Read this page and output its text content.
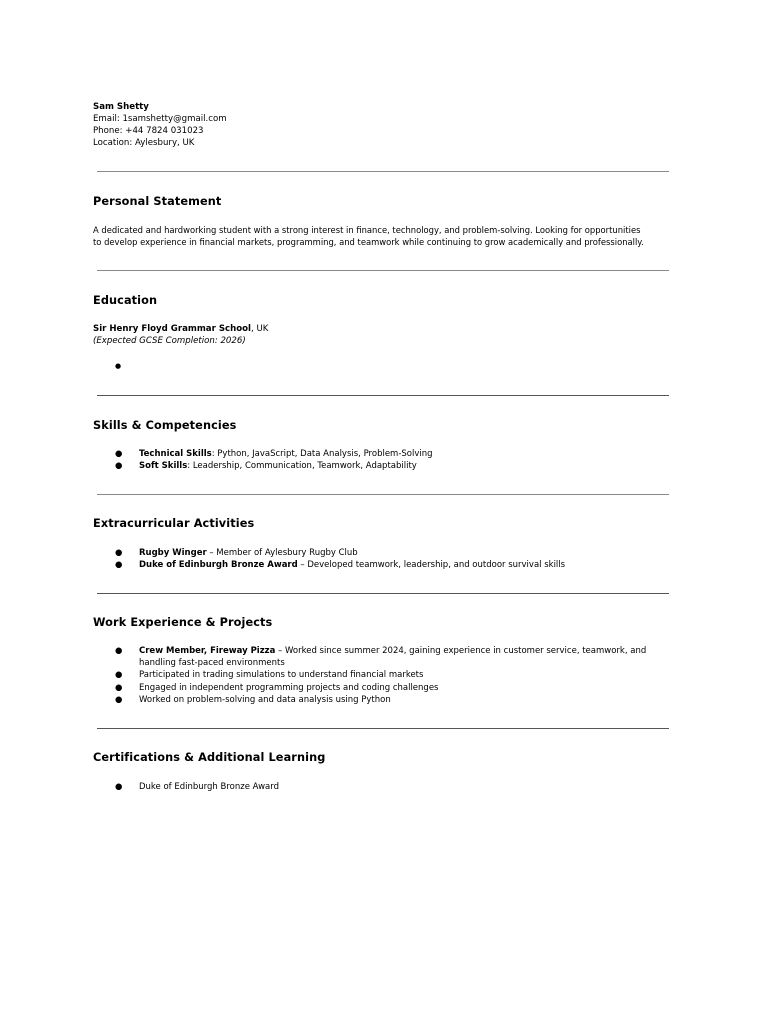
Sam Shetty
Email: 1samshetty@gmail.com
Phone: +44 7824 031023
Location: Aylesbury, UK
Personal Statement
A dedicated and hardworking student with a strong interest in finance, technology, and problem-solving. Looking for opportunities
to develop experience in financial markets, programming, and teamwork while continuing to grow academically and professionally.
Education
Sir Henry Floyd Grammar School, UK
(Expected GCSE Completion: 2026)
●
Skills & Competencies
● Technical Skills: Python, JavaScript, Data Analysis, Problem-Solving
● Soft Skills: Leadership, Communication, Teamwork, Adaptability
Extracurricular Activities
● Rugby Winger – Member of Aylesbury Rugby Club
● Duke of Edinburgh Bronze Award – Developed teamwork, leadership, and outdoor survival skills
Work Experience & Projects
● Crew Member, Fireway Pizza – Worked since summer 2024, gaining experience in customer service, teamwork, and
handling fast-paced environments
● Participated in trading simulations to understand financial markets
● Engaged in independent programming projects and coding challenges
● Worked on problem-solving and data analysis using Python
Certifications & Additional Learning
● Duke of Edinburgh Bronze Award
